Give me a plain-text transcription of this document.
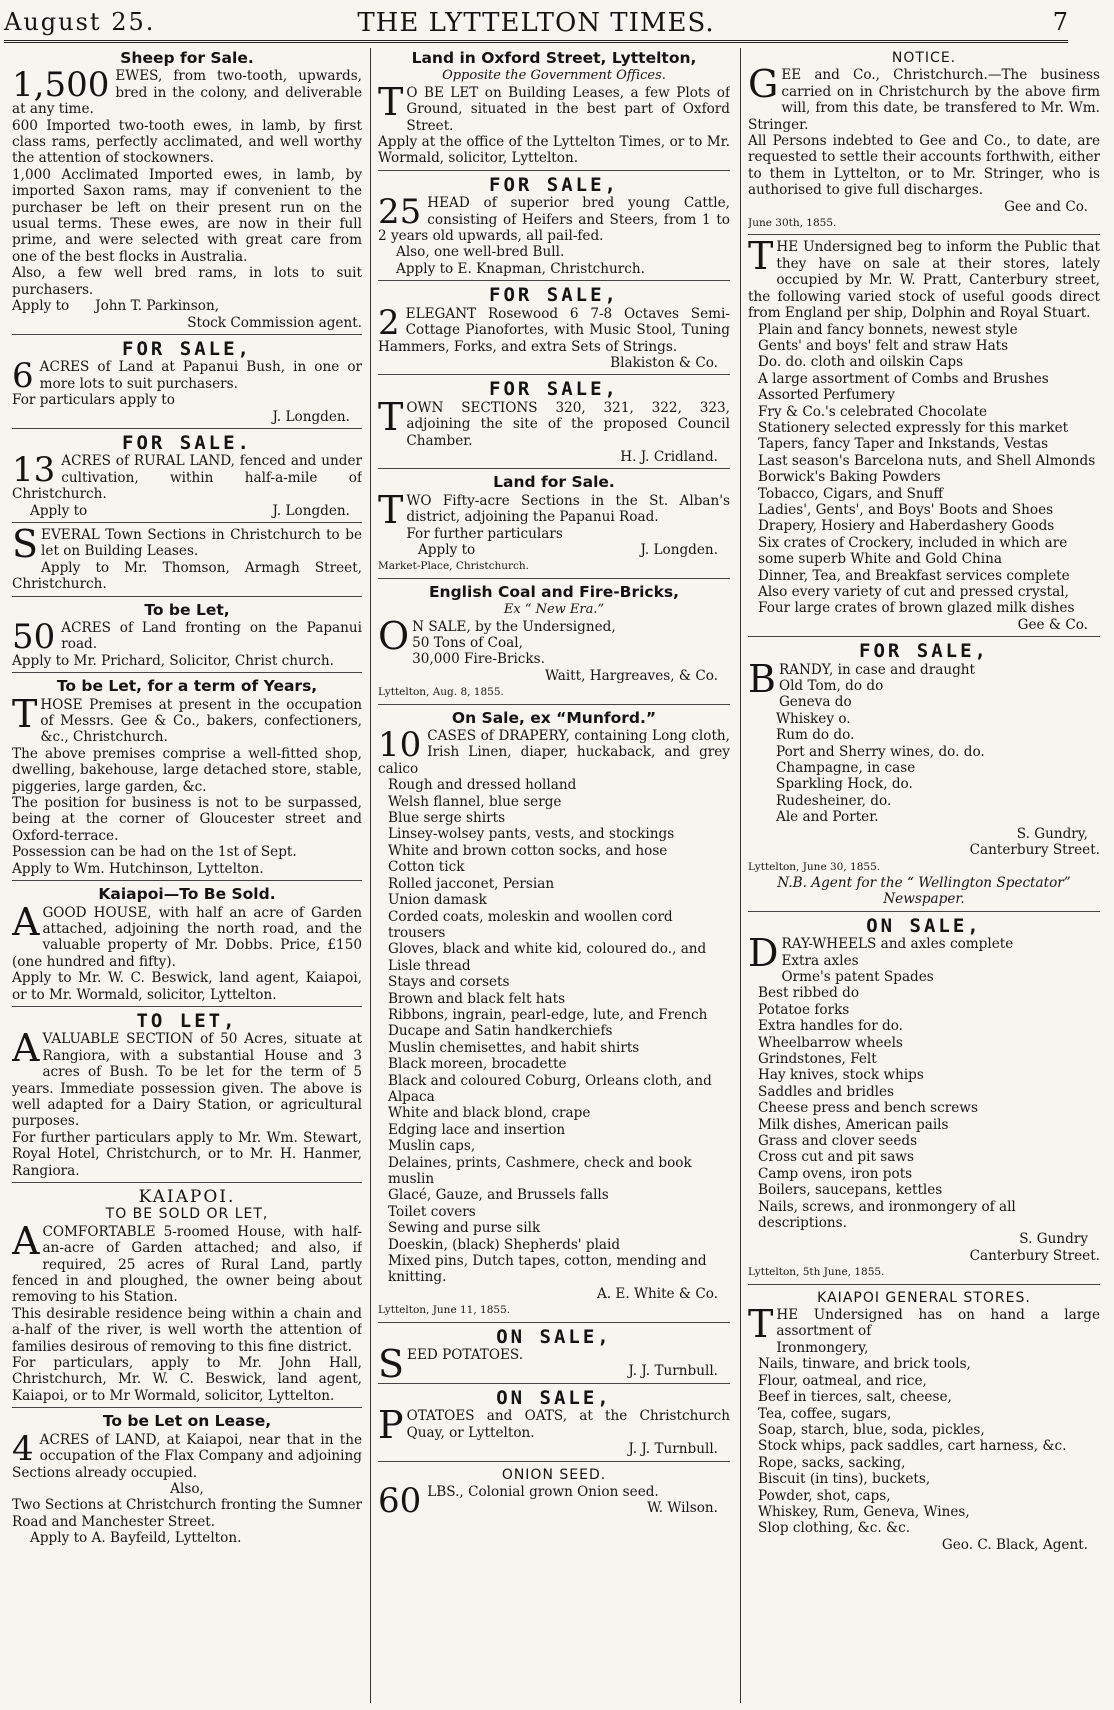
August 25.	THE LYTTELTON TIMES.	7
Sheep for Sale.

1,500 EWES, from two-tooth, upwards, bred in the colony, and deliverable at any time.

600 Imported two-tooth ewes, in lamb, by first class rams, perfectly acclimated, and well worthy the attention of stockowners.

1,000 Acclimated Imported ewes, in lamb, by imported Saxon rams, may if convenient to the purchaser be left on their present run on the usual terms. These ewes, are now in their full prime, and were selected with great care from one of the best flocks in Australia.

Also, a few well bred rams, in lots to suit purchasers.

Apply to John T. Parkinson,

Stock Commission agent.

FOR SALE,

6 ACRES of Land at Papanui Bush, in one or more lots to suit purchasers.

For particulars apply to

J. Longden.

FOR SALE.

13 ACRES of RURAL LAND, fenced and under cultivation, within half-a-mile of Christchurch.

Apply to	J. Longden.

SEVERAL Town Sections in Christchurch to be let on Building Leases.

Apply to Mr. Thomson, Armagh Street, Christchurch.

To be Let,

50 ACRES of Land fronting on the Papanui road.

Apply to Mr. Prichard, Solicitor, Christ church.

To be Let, for a term of Years,

THOSE Premises at present in the occupation of Messrs. Gee & Co., bakers, confectioners, &c., Christchurch.

The above premises comprise a well-fitted shop, dwelling, bakehouse, large detached store, stable, piggeries, large garden, &c.

The position for business is not to be surpassed, being at the corner of Gloucester street and Oxford-terrace.

Possession can be had on the 1st of Sept.

Apply to Wm. Hutchinson, Lyttelton.

Kaiapoi—To Be Sold.

AGOOD HOUSE, with half an acre of Garden attached, adjoining the north road, and the valuable property of Mr. Dobbs. Price, £150 (one hundred and fifty).

Apply to Mr. W. C. Beswick, land agent, Kaiapoi, or to Mr. Wormald, solicitor, Lyttelton.

TO LET,

AVALUABLE SECTION of 50 Acres, situate at Rangiora, with a substantial House and 3 acres of Bush. To be let for the term of 5 years. Immediate possession given. The above is well adapted for a Dairy Station, or agricultural purposes.

For further particulars apply to Mr. Wm. Stewart, Royal Hotel, Christchurch, or to Mr. H. Hanmer, Rangiora.

KAIAPOI.
TO BE SOLD OR LET,

ACOMFORTABLE 5-roomed House, with half-an-acre of Garden attached; and also, if required, 25 acres of Rural Land, partly fenced in and ploughed, the owner being about removing to his Station.

This desirable residence being within a chain and a-half of the river, is well worth the attention of families desirous of removing to this fine district.

For particulars, apply to Mr. John Hall, Christchurch, Mr. W. C. Beswick, land agent, Kaiapoi, or to Mr Wormald, solicitor, Lyttelton.

To be Let on Lease,

4 ACRES of LAND, at Kaiapoi, near that in the occupation of the Flax Company and adjoining Sections already occupied.

Also,

Two Sections at Christchurch fronting the Sumner Road and Manchester Street.

Apply to A. Bayfeild, Lyttelton.

Land in Oxford Street, Lyttelton,
Opposite the Government Offices.

T O BE LET on Building Leases, a few Plots of Ground, situated in the best part of Oxford Street.

Apply at the office of the Lyttelton Times, or to Mr. Wormald, solicitor, Lyttelton.

FOR SALE,

25 HEAD of superior bred young Cattle, consisting of Heifers and Steers, from 1 to 2 years old upwards, all pail-fed.

Also, one well-bred Bull.

Apply to E. Knapman, Christchurch.

FOR SALE,

2 ELEGANT Rosewood 6 7-8 Octaves Semi-Cottage Pianofortes, with Music Stool, Tuning Hammers, Forks, and extra Sets of Strings.

Blakiston & Co.

FOR SALE,

TOWN SECTIONS 320, 321, 322, 323, adjoining the site of the proposed Council Chamber.

H. J. Cridland.

Land for Sale.

TWO Fifty-acre Sections in the St. Alban's district, adjoining the Papanui Road.

For further particulars

Apply to	J. Longden.

Market-Place, Christchurch.

English Coal and Fire-Bricks,
Ex “ New Era.”

O N SALE, by the Undersigned,

50 Tons of Coal,

30,000 Fire-Bricks.

Waitt, Hargreaves, & Co.

Lyttelton, Aug. 8, 1855.

On Sale, ex “Munford.”

10 CASES of DRAPERY, containing Long cloth, Irish Linen, diaper, huckaback, and grey calico

Rough and dressed holland

Welsh flannel, blue serge

Blue serge shirts

Linsey-wolsey pants, vests, and stockings

White and brown cotton socks, and hose

Cotton tick

Rolled jacconet, Persian

Union damask

Corded coats, moleskin and woollen cord trousers

Gloves, black and white kid, coloured do., and Lisle thread

Stays and corsets

Brown and black felt hats

Ribbons, ingrain, pearl-edge, lute, and French

Ducape and Satin handkerchiefs

Muslin chemisettes, and habit shirts

Black moreen, brocadette

Black and coloured Coburg, Orleans cloth, and Alpaca

White and black blond, crape

Edging lace and insertion

Muslin caps,

Delaines, prints, Cashmere, check and book muslin

Glacé, Gauze, and Brussels falls

Toilet covers

Sewing and purse silk

Doeskin, (black) Shepherds' plaid

Mixed pins, Dutch tapes, cotton, mending and knitting.

A. E. White & Co.

Lyttelton, June 11, 1855.

ON SALE,

SEED POTATOES.

J. J. Turnbull.

ON SALE,

POTATOES and OATS, at the Christchurch Quay, or Lyttelton.

J. J. Turnbull.

ONION SEED.

60 LBS., Colonial grown Onion seed.

W. Wilson.

NOTICE.

GEE and Co., Christchurch.—The business carried on in Christchurch by the above firm will, from this date, be transfered to Mr. Wm. Stringer.

All Persons indebted to Gee and Co., to date, are requested to settle their accounts forthwith, either to them in Lyttelton, or to Mr. Stringer, who is authorised to give full discharges.

Gee and Co.

June 30th, 1855.

THE Undersigned beg to inform the Public that they have on sale at their stores, lately occupied by Mr. W. Pratt, Canterbury street, the following varied stock of useful goods direct from England per ship, Dolphin and Royal Stuart.

Plain and fancy bonnets, newest style

Gents' and boys' felt and straw Hats

Do. do. cloth and oilskin Caps

A large assortment of Combs and Brushes

Assorted Perfumery

Fry & Co.'s celebrated Chocolate

Stationery selected expressly for this market

Tapers, fancy Taper and Inkstands, Vestas

Last season's Barcelona nuts, and Shell Almonds

Borwick's Baking Powders

Tobacco, Cigars, and Snuff

Ladies', Gents', and Boys' Boots and Shoes

Drapery, Hosiery and Haberdashery Goods

Six crates of Crockery, included in which are some superb White and Gold China

Dinner, Tea, and Breakfast services complete

Also every variety of cut and pressed crystal,

Four large crates of brown glazed milk dishes

Gee & Co.

FOR SALE,

BRANDY, in case and draught

Old Tom, do do

Geneva do

Whiskey o.

Rum do do.

Port and Sherry wines, do. do.

Champagne, in case

Sparkling Hock, do.

Rudesheiner, do.

Ale and Porter.

S. Gundry,

Canterbury Street.

Lyttelton, June 30, 1855.

N.B. Agent for the “ Wellington Spectator” Newspaper.

ON SALE,

DRAY-WHEELS and axles complete

Extra axles

Orme's patent Spades

Best ribbed do

Potatoe forks

Extra handles for do.

Wheelbarrow wheels

Grindstones, Felt

Hay knives, stock whips

Saddles and bridles

Cheese press and bench screws

Milk dishes, American pails

Grass and clover seeds

Cross cut and pit saws

Camp ovens, iron pots

Boilers, saucepans, kettles

Nails, screws, and ironmongery of all descriptions.

S. Gundry

Canterbury Street.

Lyttelton, 5th June, 1855.

KAIAPOI GENERAL STORES.

THE Undersigned has on hand a large assortment of

Ironmongery,

Nails, tinware, and brick tools,

Flour, oatmeal, and rice,

Beef in tierces, salt, cheese,

Tea, coffee, sugars,

Soap, starch, blue, soda, pickles,

Stock whips, pack saddles, cart harness, &c.

Rope, sacks, sacking,

Biscuit (in tins), buckets,

Powder, shot, caps,

Whiskey, Rum, Geneva, Wines,

Slop clothing, &c. &c.

Geo. C. Black, Agent.
